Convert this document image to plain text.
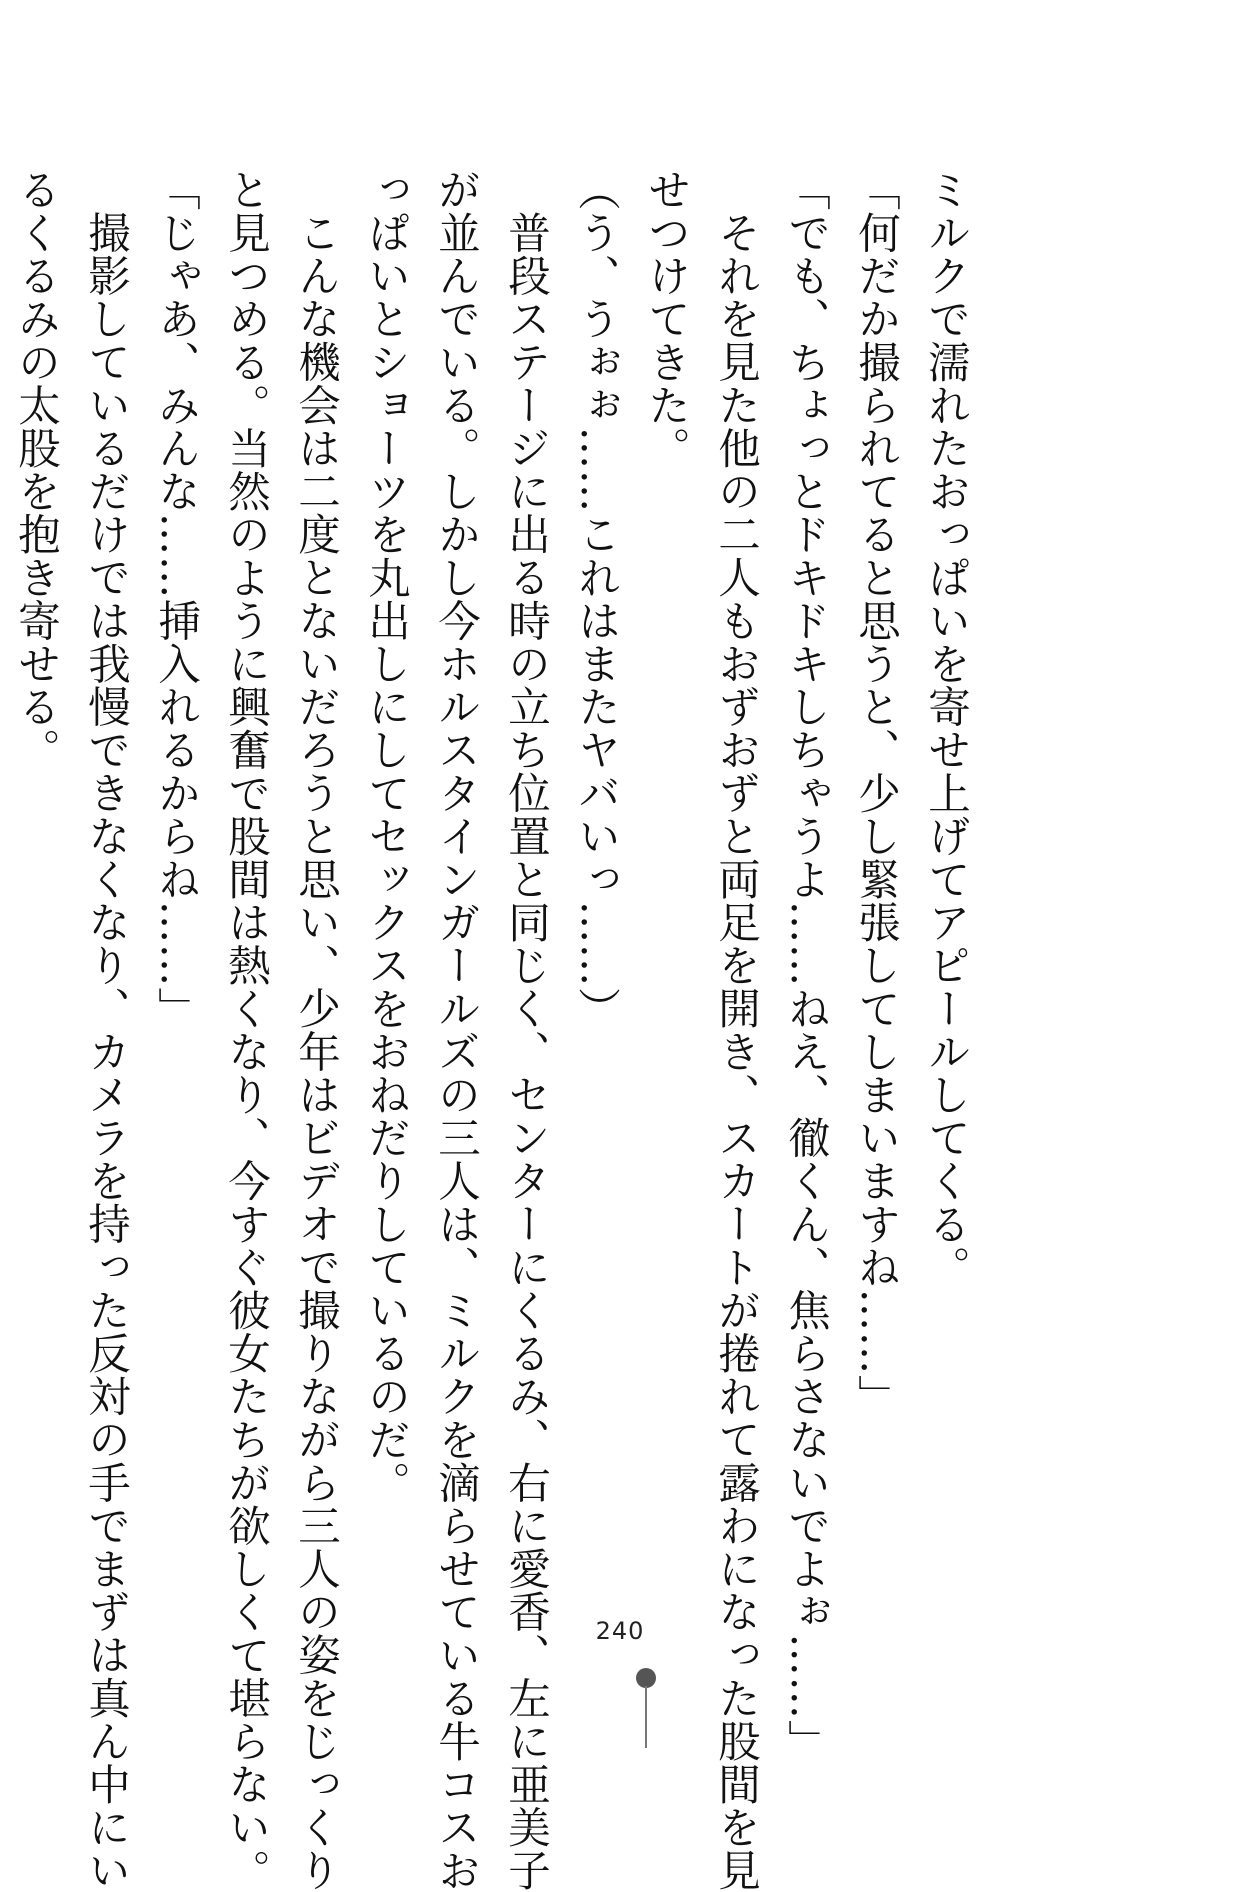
ミルクで濡れたおっぱいを寄せ上げてアピールしてくる。
「何だか撮られてると思うと、少し緊張してしまいますね……」
「でも、ちょっとドキドキしちゃうよ……ねえ、徹くん、焦らさないでよぉ……」
それを見た他の二人もおずおずと両足を開き、スカートが捲れて露わになった股間を見
せつけてきた。
（う、うぉぉ……これはまたヤバいっ……）
普段ステージに出る時の立ち位置と同じく、センターにくるみ、右に愛香、左に亜美子
が並んでいる。しかし今ホルスタインガールズの三人は、ミルクを滴らせている牛コスお
っぱいとショーツを丸出しにしてセックスをおねだりしているのだ。
こんな機会は二度とないだろうと思い、少年はビデオで撮りながら三人の姿をじっくり
と見つめる。当然のように興奮で股間は熱くなり、今すぐ彼女たちが欲しくて堪らない。
「じゃあ、みんな……挿入れるからね……」
撮影しているだけでは我慢できなくなり、カメラを持った反対の手でまずは真ん中にい
るくるみの太股を抱き寄せる。
240
